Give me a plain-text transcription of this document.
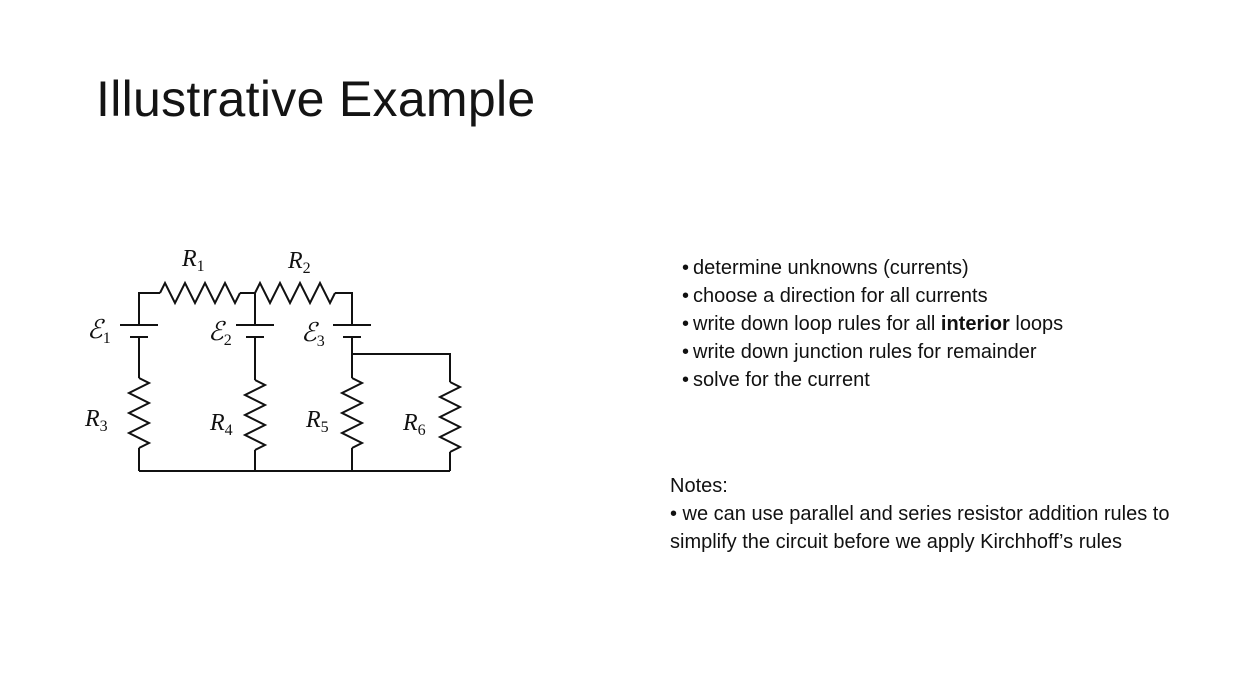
Illustrative Example
$R_1$	$R_2$
ℰ1	ℰ2	ℰ3
$R_3$	$R_4$	$R_5$	$R_6$
• determine unknowns (currents)
• choose a direction for all currents
• write down loop rules for all interior loops
• write down junction rules for remainder
• solve for the current
Notes:
• we can use parallel and series resistor addition rules to
simplify the circuit before we apply Kirchhoff’s rules
